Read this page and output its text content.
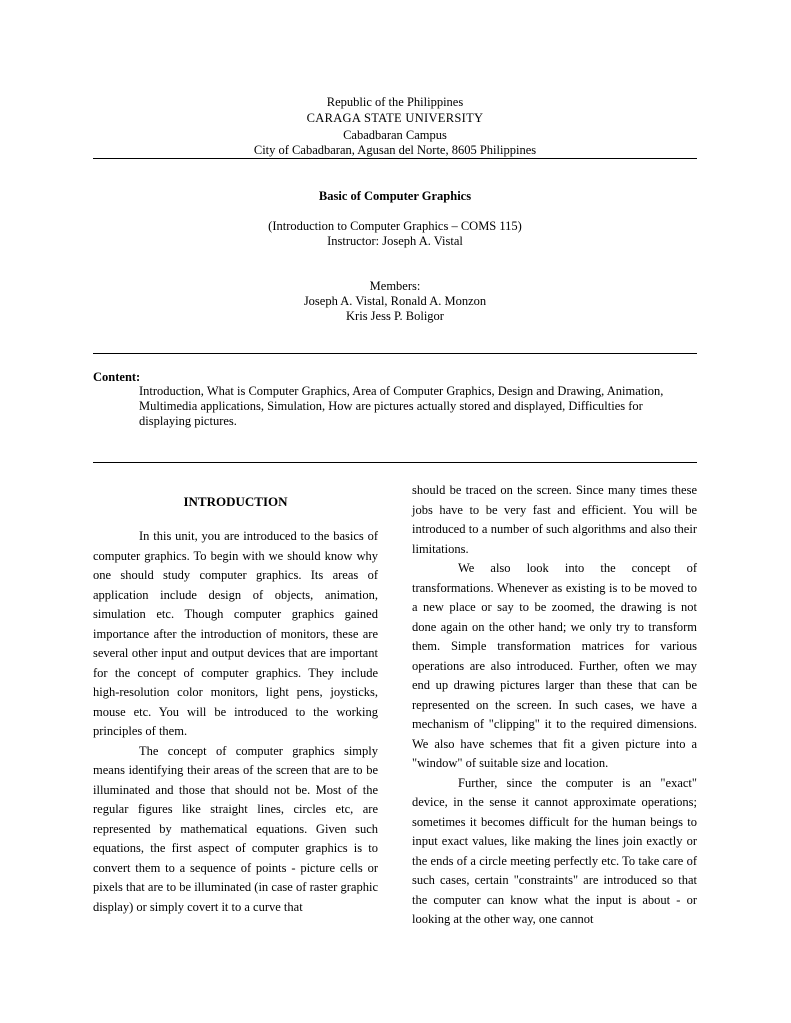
Republic of the Philippines
CARAGA STATE UNIVERSITY
Cabadbaran Campus
City of Cabadbaran, Agusan del Norte, 8605 Philippines
Basic of Computer Graphics
(Introduction to Computer Graphics – COMS 115)
Instructor: Joseph A. Vistal
Members:
Joseph A. Vistal, Ronald A. Monzon
Kris Jess P. Boligor
Content:
Introduction, What is Computer Graphics, Area of Computer Graphics, Design and Drawing, Animation, Multimedia applications, Simulation, How are pictures actually stored and displayed, Difficulties for displaying pictures.
INTRODUCTION

In this unit, you are introduced to the basics of computer graphics. To begin with we should know why one should study computer graphics. Its areas of application include design of objects, animation, simulation etc. Though computer graphics gained importance after the introduction of monitors, these are several other input and output devices that are important for the concept of computer graphics. They include high-resolution color monitors, light pens, joysticks, mouse etc. You will be introduced to the working principles of them.

The concept of computer graphics simply means identifying their areas of the screen that are to be illuminated and those that should not be. Most of the regular figures like straight lines, circles etc, are represented by mathematical equations. Given such equations, the first aspect of computer graphics is to convert them to a sequence of points - picture cells or pixels that are to be illuminated (in case of raster graphic display) or simply covert it to a curve that

should be traced on the screen. Since many times these jobs have to be very fast and efficient. You will be introduced to a number of such algorithms and also their limitations.

We also look into the concept of transformations. Whenever as existing is to be moved to a new place or say to be zoomed, the drawing is not done again on the other hand; we only try to transform them. Simple transformation matrices for various operations are also introduced. Further, often we may end up drawing pictures larger than these that can be represented on the screen. In such cases, we have a mechanism of "clipping" it to the required dimensions. We also have schemes that fit a given picture into a "window" of suitable size and location.

Further, since the computer is an "exact" device, in the sense it cannot approximate operations; sometimes it becomes difficult for the human beings to input exact values, like making the lines join exactly or the ends of a circle meeting perfectly etc. To take care of such cases, certain "constraints" are introduced so that the computer can know what the input is about - or looking at the other way, one cannot
